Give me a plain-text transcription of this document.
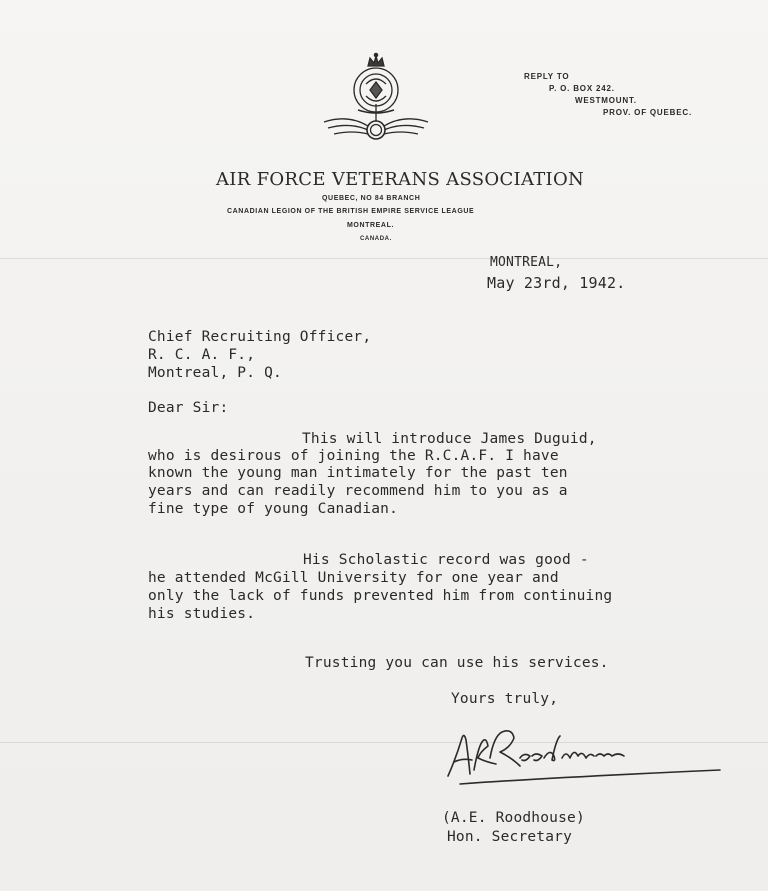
REPLY TO
P. O. BOX 242.
WESTMOUNT.
PROV. OF QUEBEC.
AIR FORCE VETERANS ASSOCIATION
QUEBEC, NO 84 BRANCH
CANADIAN LEGION OF THE BRITISH EMPIRE SERVICE LEAGUE
MONTREAL.
CANADA.
MONTREAL,
May 23rd, 1942.
Chief Recruiting Officer,
R. C. A. F.,
Montreal, P. Q.
Dear Sir:
This will introduce James Duguid,
who is desirous of joining the R.C.A.F. I have
known the young man intimately for the past ten
years and can readily recommend him to you as a
fine type of young Canadian.
His Scholastic record was good -
he attended McGill University for one year and
only the lack of funds prevented him from continuing
his studies.
Trusting you can use his services.
Yours truly,
(A.E. Roodhouse)
Hon. Secretary
